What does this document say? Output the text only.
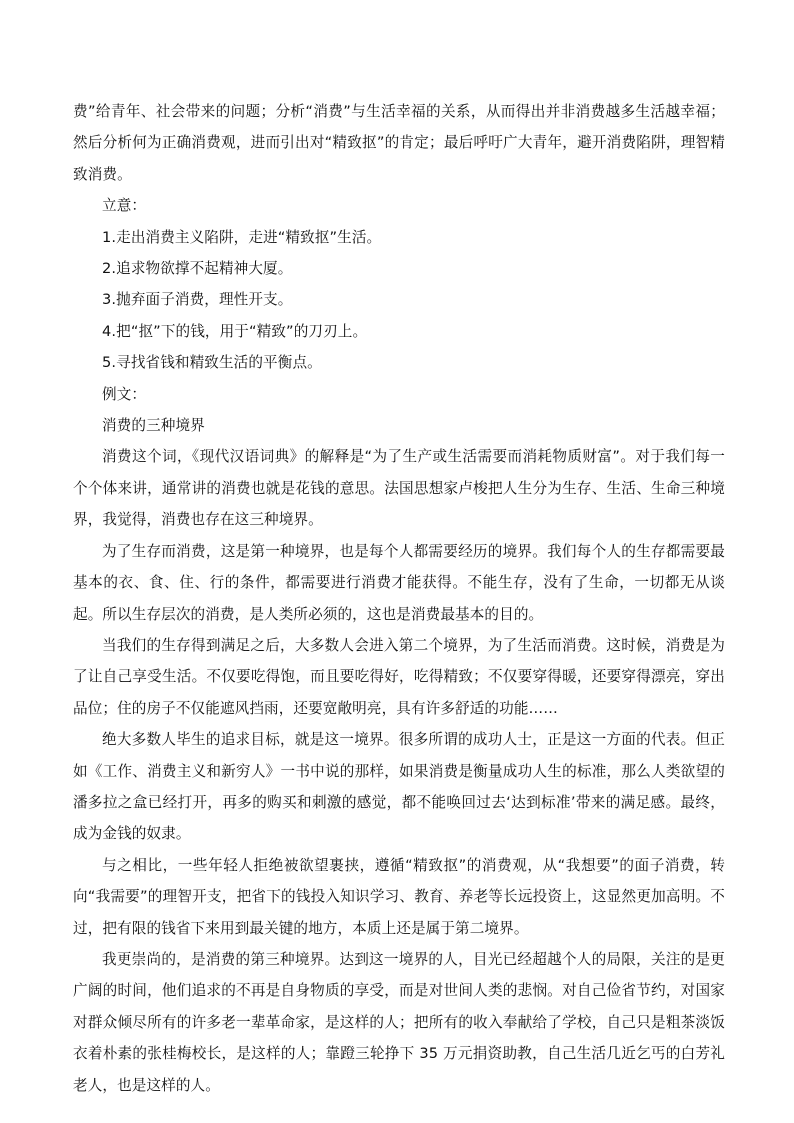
费”给青年、社会带来的问题；分析“消费”与生活幸福的关系，从而得出并非消费越多生活越幸福；然后分析何为正确消费观，进而引出对“精致抠”的肯定；最后呼吁广大青年，避开消费陷阱，理智精致消费。

立意：

1.走出消费主义陷阱，走进“精致抠”生活。

2.追求物欲撑不起精神大厦。

3.抛弃面子消费，理性开支。

4.把“抠”下的钱，用于“精致”的刀刃上。

5.寻找省钱和精致生活的平衡点。

例文：

消费的三种境界

消费这个词，《现代汉语词典》的解释是“为了生产或生活需要而消耗物质财富”。对于我们每一个个体来讲，通常讲的消费也就是花钱的意思。法国思想家卢梭把人生分为生存、生活、生命三种境界，我觉得，消费也存在这三种境界。

为了生存而消费，这是第一种境界，也是每个人都需要经历的境界。我们每个人的生存都需要最基本的衣、食、住、行的条件，都需要进行消费才能获得。不能生存，没有了生命，一切都无从谈起。所以生存层次的消费，是人类所必须的，这也是消费最基本的目的。

当我们的生存得到满足之后，大多数人会进入第二个境界，为了生活而消费。这时候，消费是为了让自己享受生活。不仅要吃得饱，而且要吃得好，吃得精致；不仅要穿得暖，还要穿得漂亮，穿出品位；住的房子不仅能遮风挡雨，还要宽敞明亮，具有许多舒适的功能……

绝大多数人毕生的追求目标，就是这一境界。很多所谓的成功人士，正是这一方面的代表。但正如《工作、消费主义和新穷人》一书中说的那样，如果消费是衡量成功人生的标准，那么人类欲望的潘多拉之盒已经打开，再多的购买和刺激的感觉，都不能唤回过去‘达到标准’带来的满足感。最终，成为金钱的奴隶。

与之相比，一些年轻人拒绝被欲望裹挟，遵循“精致抠”的消费观，从“我想要”的面子消费，转向“我需要”的理智开支，把省下的钱投入知识学习、教育、养老等长远投资上，这显然更加高明。不过，把有限的钱省下来用到最关键的地方，本质上还是属于第二境界。

我更崇尚的，是消费的第三种境界。达到这一境界的人，目光已经超越个人的局限，关注的是更广阔的时间，他们追求的不再是自身物质的享受，而是对世间人类的悲悯。对自己俭省节约，对国家对群众倾尽所有的许多老一辈革命家，是这样的人；把所有的收入奉献给了学校，自己只是粗茶淡饭衣着朴素的张桂梅校长，是这样的人；靠蹬三轮挣下 35 万元捐资助教，自己生活几近乞丐的白芳礼老人，也是这样的人。
